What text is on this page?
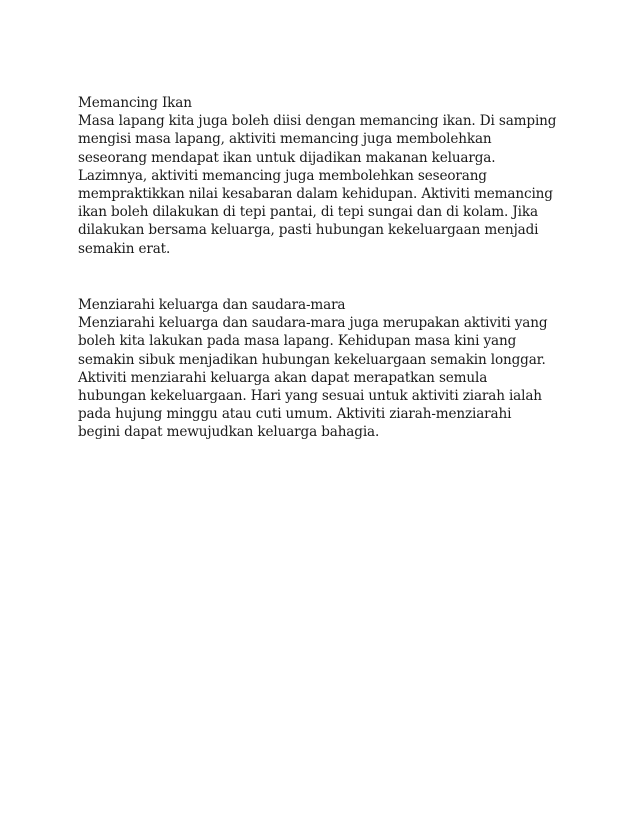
Memancing Ikan
Masa lapang kita juga boleh diisi dengan memancing ikan. Di samping
mengisi masa lapang, aktiviti memancing juga membolehkan
seseorang mendapat ikan untuk dijadikan makanan keluarga.
Lazimnya, aktiviti memancing juga membolehkan seseorang
mempraktikkan nilai kesabaran dalam kehidupan. Aktiviti memancing
ikan boleh dilakukan di tepi pantai, di tepi sungai dan di kolam. Jika
dilakukan bersama keluarga, pasti hubungan kekeluargaan menjadi
semakin erat.
Menziarahi keluarga dan saudara-mara
Menziarahi keluarga dan saudara-mara juga merupakan aktiviti yang
boleh kita lakukan pada masa lapang. Kehidupan masa kini yang
semakin sibuk menjadikan hubungan kekeluargaan semakin longgar.
Aktiviti menziarahi keluarga akan dapat merapatkan semula
hubungan kekeluargaan. Hari yang sesuai untuk aktiviti ziarah ialah
pada hujung minggu atau cuti umum. Aktiviti ziarah-menziarahi
begini dapat mewujudkan keluarga bahagia.
